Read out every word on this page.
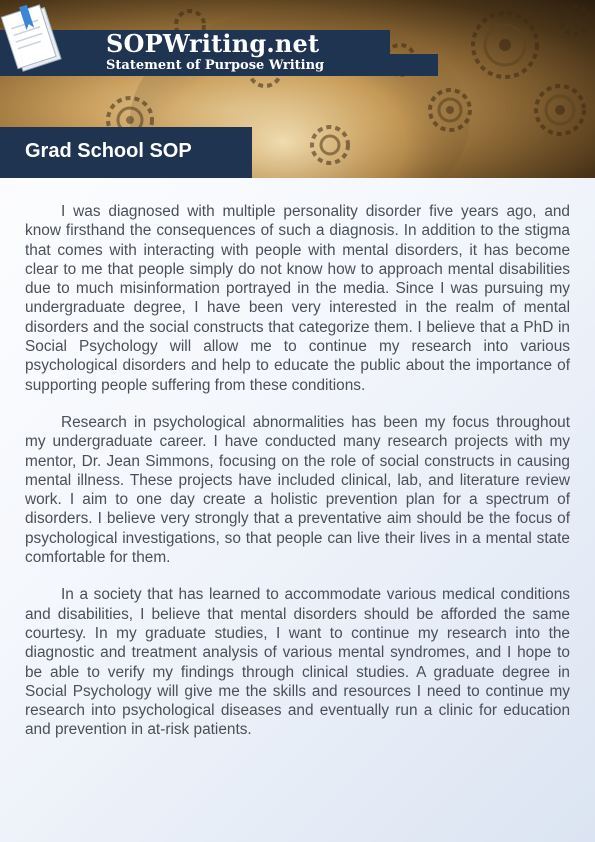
SOPWriting.net

Statement of Purpose Writing

Grad School SOP

I was diagnosed with multiple personality disorder five years ago, and know firsthand the consequences of such a diagnosis. In addition to the stigma that comes with interacting with people with mental disorders, it has become clear to me that people simply do not know how to approach mental disabilities due to much misinformation portrayed in the media. Since I was pursuing my undergraduate degree, I have been very interested in the realm of mental disorders and the social constructs that categorize them. I believe that a PhD in Social Psychology will allow me to continue my research into various psychological disorders and help to educate the public about the importance of supporting people suffering from these conditions.

Research in psychological abnormalities has been my focus throughout my undergraduate career. I have conducted many research projects with my mentor, Dr. Jean Simmons, focusing on the role of social constructs in causing mental illness. These projects have included clinical, lab, and literature review work. I aim to one day create a holistic prevention plan for a spectrum of disorders. I believe very strongly that a preventative aim should be the focus of psychological investigations, so that people can live their lives in a mental state comfortable for them.

In a society that has learned to accommodate various medical conditions and disabilities, I believe that mental disorders should be afforded the same courtesy. In my graduate studies, I want to continue my research into the diagnostic and treatment analysis of various mental syndromes, and I hope to be able to verify my findings through clinical studies. A graduate degree in Social Psychology will give me the skills and resources I need to continue my research into psychological diseases and eventually run a clinic for education and prevention in at-risk patients.
